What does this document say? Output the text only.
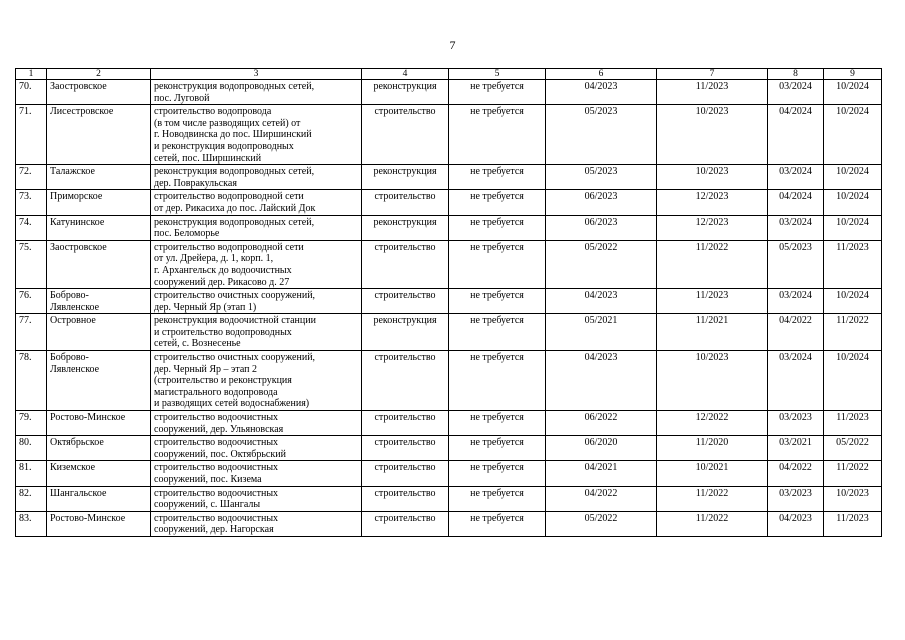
7
1	2	3	4	5	6	7	8	9
70.	Заостровское	реконструкция водопроводных сетей,
пос. Луговой	реконструкция	не требуется	04/2023	11/2023	03/2024	10/2024
71.	Лисестровское	строительство водопровода
(в том числе разводящих сетей) от
г. Новодвинска до пос. Ширшинский
и реконструкция водопроводных
сетей, пос. Ширшинский	строительство	не требуется	05/2023	10/2023	04/2024	10/2024
72.	Талажское	реконструкция водопроводных сетей,
дер. Повракульская	реконструкция	не требуется	05/2023	10/2023	03/2024	10/2024
73.	Приморское	строительство водопроводной сети
от дер. Рикасиха до пос. Лайский Док	строительство	не требуется	06/2023	12/2023	04/2024	10/2024
74.	Катунинское	реконструкция водопроводных сетей,
пос. Беломорье	реконструкция	не требуется	06/2023	12/2023	03/2024	10/2024
75.	Заостровское	строительство водопроводной сети
от ул. Дрейера, д. 1, корп. 1,
г. Архангельск до водоочистных
сооружений дер. Рикасово д. 27	строительство	не требуется	05/2022	11/2022	05/2023	11/2023
76.	Боброво-
Лявленское	строительство очистных сооружений,
дер. Черный Яр (этап 1)	строительство	не требуется	04/2023	11/2023	03/2024	10/2024
77.	Островное	реконструкция водоочистной станции
и строительство водопроводных
сетей, с. Вознесенье	реконструкция	не требуется	05/2021	11/2021	04/2022	11/2022
78.	Боброво-
Лявленское	строительство очистных сооружений,
дер. Черный Яр – этап 2
(строительство и реконструкция
магистрального водопровода
и разводящих сетей водоснабжения)	строительство	не требуется	04/2023	10/2023	03/2024	10/2024
79.	Ростово-Минское	строительство водоочистных
сооружений, дер. Ульяновская	строительство	не требуется	06/2022	12/2022	03/2023	11/2023
80.	Октябрьское	строительство водоочистных
сооружений, пос. Октябрьский	строительство	не требуется	06/2020	11/2020	03/2021	05/2022
81.	Киземское	строительство водоочистных
сооружений, пос. Кизема	строительство	не требуется	04/2021	10/2021	04/2022	11/2022
82.	Шангальское	строительство водоочистных
сооружений, с. Шангалы	строительство	не требуется	04/2022	11/2022	03/2023	10/2023
83.	Ростово-Минское	строительство водоочистных
сооружений, дер. Нагорская	строительство	не требуется	05/2022	11/2022	04/2023	11/2023
